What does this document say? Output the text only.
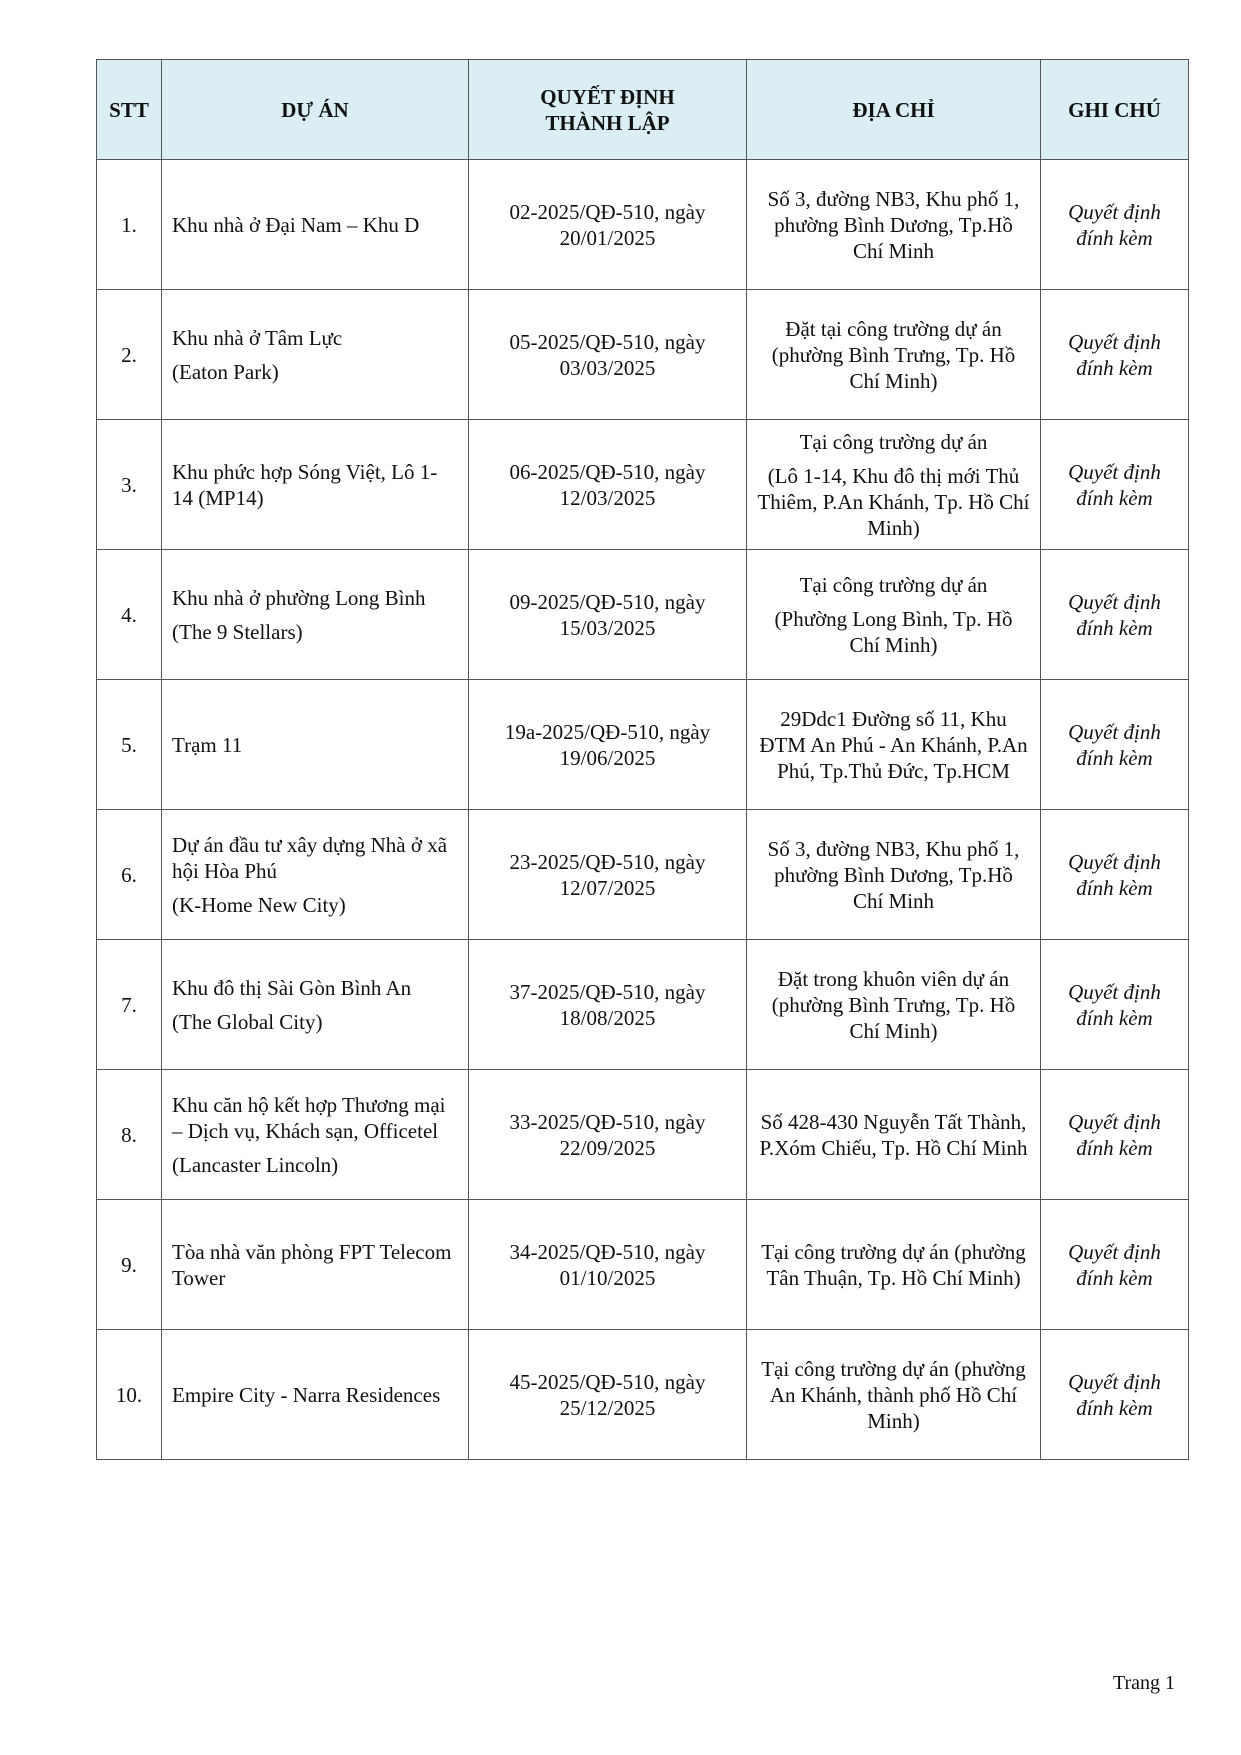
STT	DỰ ÁN	QUYẾT ĐỊNH
THÀNH LẬP	ĐỊA CHỈ	GHI CHÚ
1.	Khu nhà ở Đại Nam – Khu D	02-2025/QĐ-510, ngày 20/01/2025	Số 3, đường NB3, Khu phố 1, phường Bình Dương, Tp.Hồ Chí Minh	Quyết định đính kèm
2.	Khu nhà ở Tâm Lực
(Eaton Park)	05-2025/QĐ-510, ngày 03/03/2025	Đặt tại công trường dự án (phường Bình Trưng, Tp. Hồ Chí Minh)	Quyết định đính kèm
3.	Khu phức hợp Sóng Việt, Lô 1-14 (MP14)	06-2025/QĐ-510, ngày 12/03/2025	Tại công trường dự án
(Lô 1-14, Khu đô thị mới Thủ Thiêm, P.An Khánh, Tp. Hồ Chí Minh)	Quyết định đính kèm
4.	Khu nhà ở phường Long Bình
(The 9 Stellars)	09-2025/QĐ-510, ngày 15/03/2025	Tại công trường dự án
(Phường Long Bình, Tp. Hồ Chí Minh)	Quyết định đính kèm
5.	Trạm 11	19a-2025/QĐ-510, ngày 19/06/2025	29Ddc1 Đường số 11, Khu ĐTM An Phú - An Khánh, P.An Phú, Tp.Thủ Đức, Tp.HCM	Quyết định đính kèm
6.	Dự án đầu tư xây dựng Nhà ở xã hội Hòa Phú
(K-Home New City)	23-2025/QĐ-510, ngày 12/07/2025	Số 3, đường NB3, Khu phố 1, phường Bình Dương, Tp.Hồ Chí Minh	Quyết định đính kèm
7.	Khu đô thị Sài Gòn Bình An
(The Global City)	37-2025/QĐ-510, ngày 18/08/2025	Đặt trong khuôn viên dự án (phường Bình Trưng, Tp. Hồ Chí Minh)	Quyết định đính kèm
8.	Khu căn hộ kết hợp Thương mại – Dịch vụ, Khách sạn, Officetel
(Lancaster Lincoln)	33-2025/QĐ-510, ngày 22/09/2025	Số 428-430 Nguyễn Tất Thành, P.Xóm Chiếu, Tp. Hồ Chí Minh	Quyết định đính kèm
9.	Tòa nhà văn phòng FPT Telecom Tower	34-2025/QĐ-510, ngày 01/10/2025	Tại công trường dự án (phường Tân Thuận, Tp. Hồ Chí Minh)	Quyết định đính kèm
10.	Empire City - Narra Residences	45-2025/QĐ-510, ngày 25/12/2025	Tại công trường dự án (phường An Khánh, thành phố Hồ Chí Minh)	Quyết định đính kèm
Trang 1
